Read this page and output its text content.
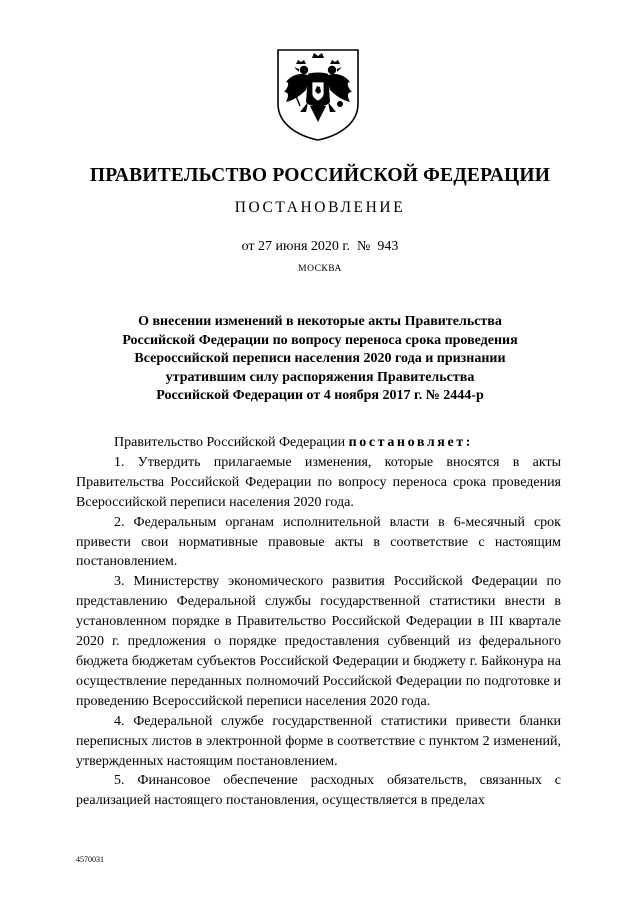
ПРАВИТЕЛЬСТВО РОССИЙСКОЙ ФЕДЕРАЦИИ
ПОСТАНОВЛЕНИЕ
от 27 июня 2020 г.  №  943
МОСКВА
О внесении изменений в некоторые акты Правительства
Российской Федерации по вопросу переноса срока проведения
Всероссийской переписи населения 2020 года и признании
утратившим силу распоряжения Правительства
Российской Федерации от 4 ноября 2017 г. № 2444-р

Правительство Российской Федерации постановляет:

1. Утвердить прилагаемые изменения, которые вносятся в акты Правительства Российской Федерации по вопросу переноса срока проведения Всероссийской переписи населения 2020 года.

2. Федеральным органам исполнительной власти в 6-месячный срок привести свои нормативные правовые акты в соответствие с настоящим постановлением.

3. Министерству экономического развития Российской Федерации по представлению Федеральной службы государственной статистики внести в установленном порядке в Правительство Российской Федерации в III квартале 2020 г. предложения о порядке предоставления субвенций из федерального бюджета бюджетам субъектов Российской Федерации и бюджету г. Байконура на осуществление переданных полномочий Российской Федерации по подготовке и проведению Всероссийской переписи населения 2020 года.

4. Федеральной службе государственной статистики привести бланки переписных листов в электронной форме в соответствие с пунктом 2 изменений, утвержденных настоящим постановлением.

5. Финансовое обеспечение расходных обязательств, связанных с реализацией настоящего постановления, осуществляется в пределах

4570031
